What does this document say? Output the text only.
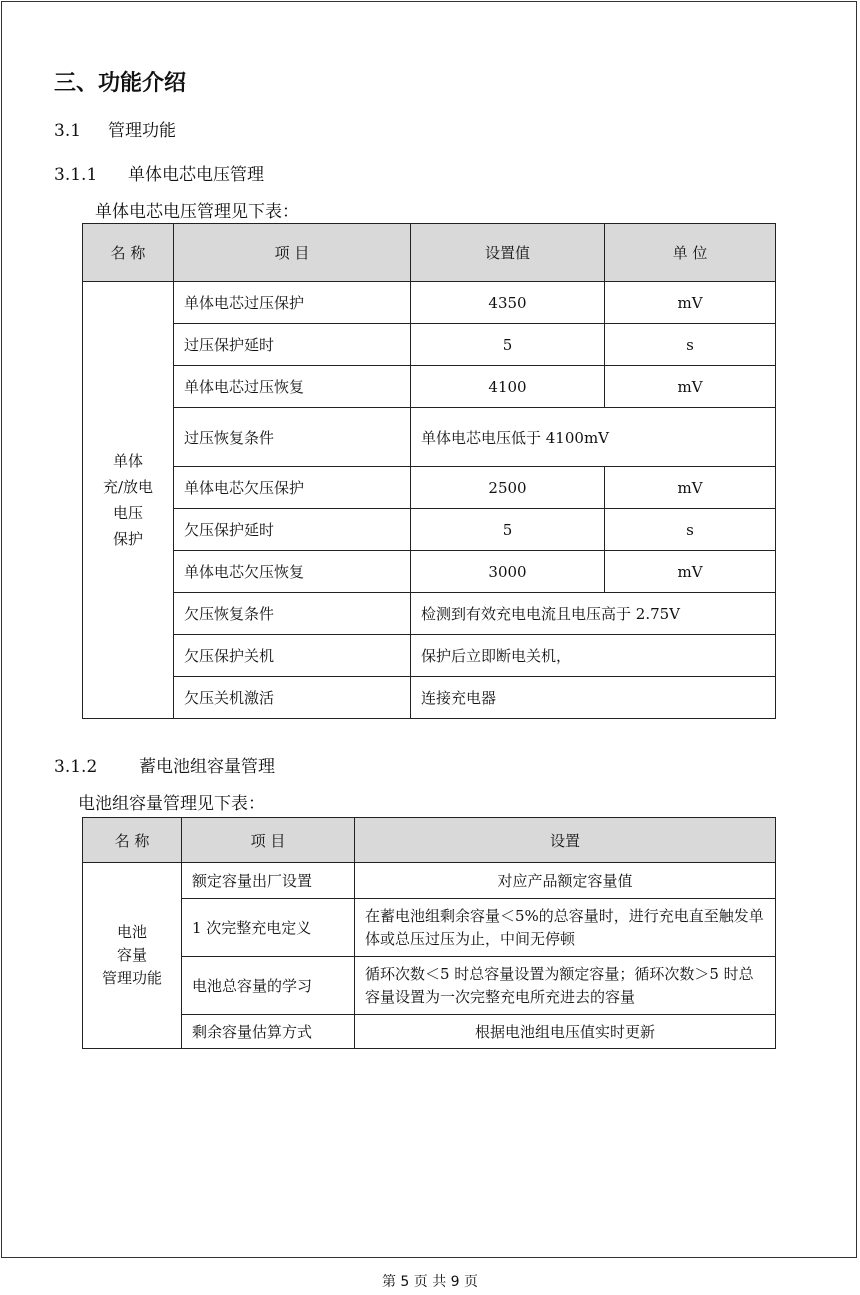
三、功能介绍
3.1 管理功能
3.1.1 单体电芯电压管理
单体电芯电压管理见下表：
名 称	项 目	设置值	单 位
单体
充/放电
电压
保护	单体电芯过压保护	4350	mV
	过压保护延时	5	s
	单体电芯过压恢复	4100	mV
	过压恢复条件	单体电芯电压低于 4100mV	
	单体电芯欠压保护	2500	mV
	欠压保护延时	5	s
	单体电芯欠压恢复	3000	mV
	欠压恢复条件	检测到有效充电电流且电压高于 2.75V	
	欠压保护关机	保护后立即断电关机，	
	欠压关机激活	连接充电器	
3.1.2 蓄电池组容量管理
电池组容量管理见下表：
名 称	项 目	设置
电池
容量
管理功能	额定容量出厂设置	对应产品额定容量值
	1 次完整充电定义	在蓄电池组剩余容量＜5%的总容量时，进行充电直至触发单体或总压过压为止，中间无停顿
	电池总容量的学习	循环次数＜5 时总容量设置为额定容量；循环次数＞5 时总容量设置为一次完整充电所充进去的容量
	剩余容量估算方式	根据电池组电压值实时更新
第 5 页 共 9 页
